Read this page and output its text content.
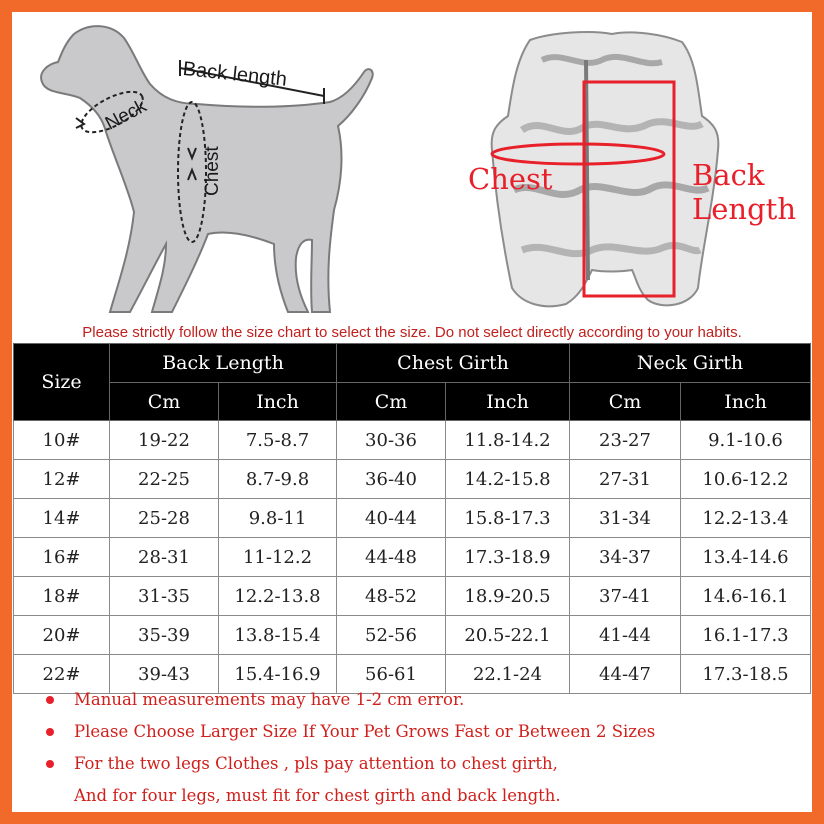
Back length
Neck
Chest	Chest	Back
Length
Please strictly follow the size chart to select the size. Do not select directly according to your habits.
Size	Back Length		Chest Girth		Neck Girth	
	Cm	Inch	Cm	Inch	Cm	Inch
10#	19-22	7.5-8.7	30-36	11.8-14.2	23-27	9.1-10.6
12#	22-25	8.7-9.8	36-40	14.2-15.8	27-31	10.6-12.2
14#	25-28	9.8-11	40-44	15.8-17.3	31-34	12.2-13.4
16#	28-31	11-12.2	44-48	17.3-18.9	34-37	13.4-14.6
18#	31-35	12.2-13.8	48-52	18.9-20.5	37-41	14.6-16.1
20#	35-39	13.8-15.4	52-56	20.5-22.1	41-44	16.1-17.3
22#	39-43	15.4-16.9	56-61	22.1-24	44-47	17.3-18.5
Manual measurements may have 1-2 cm error.
Please Choose Larger Size If Your Pet Grows Fast or Between 2 Sizes
For the two legs Clothes , pls pay attention to chest girth,
And for four legs, must fit for chest girth and back length.
